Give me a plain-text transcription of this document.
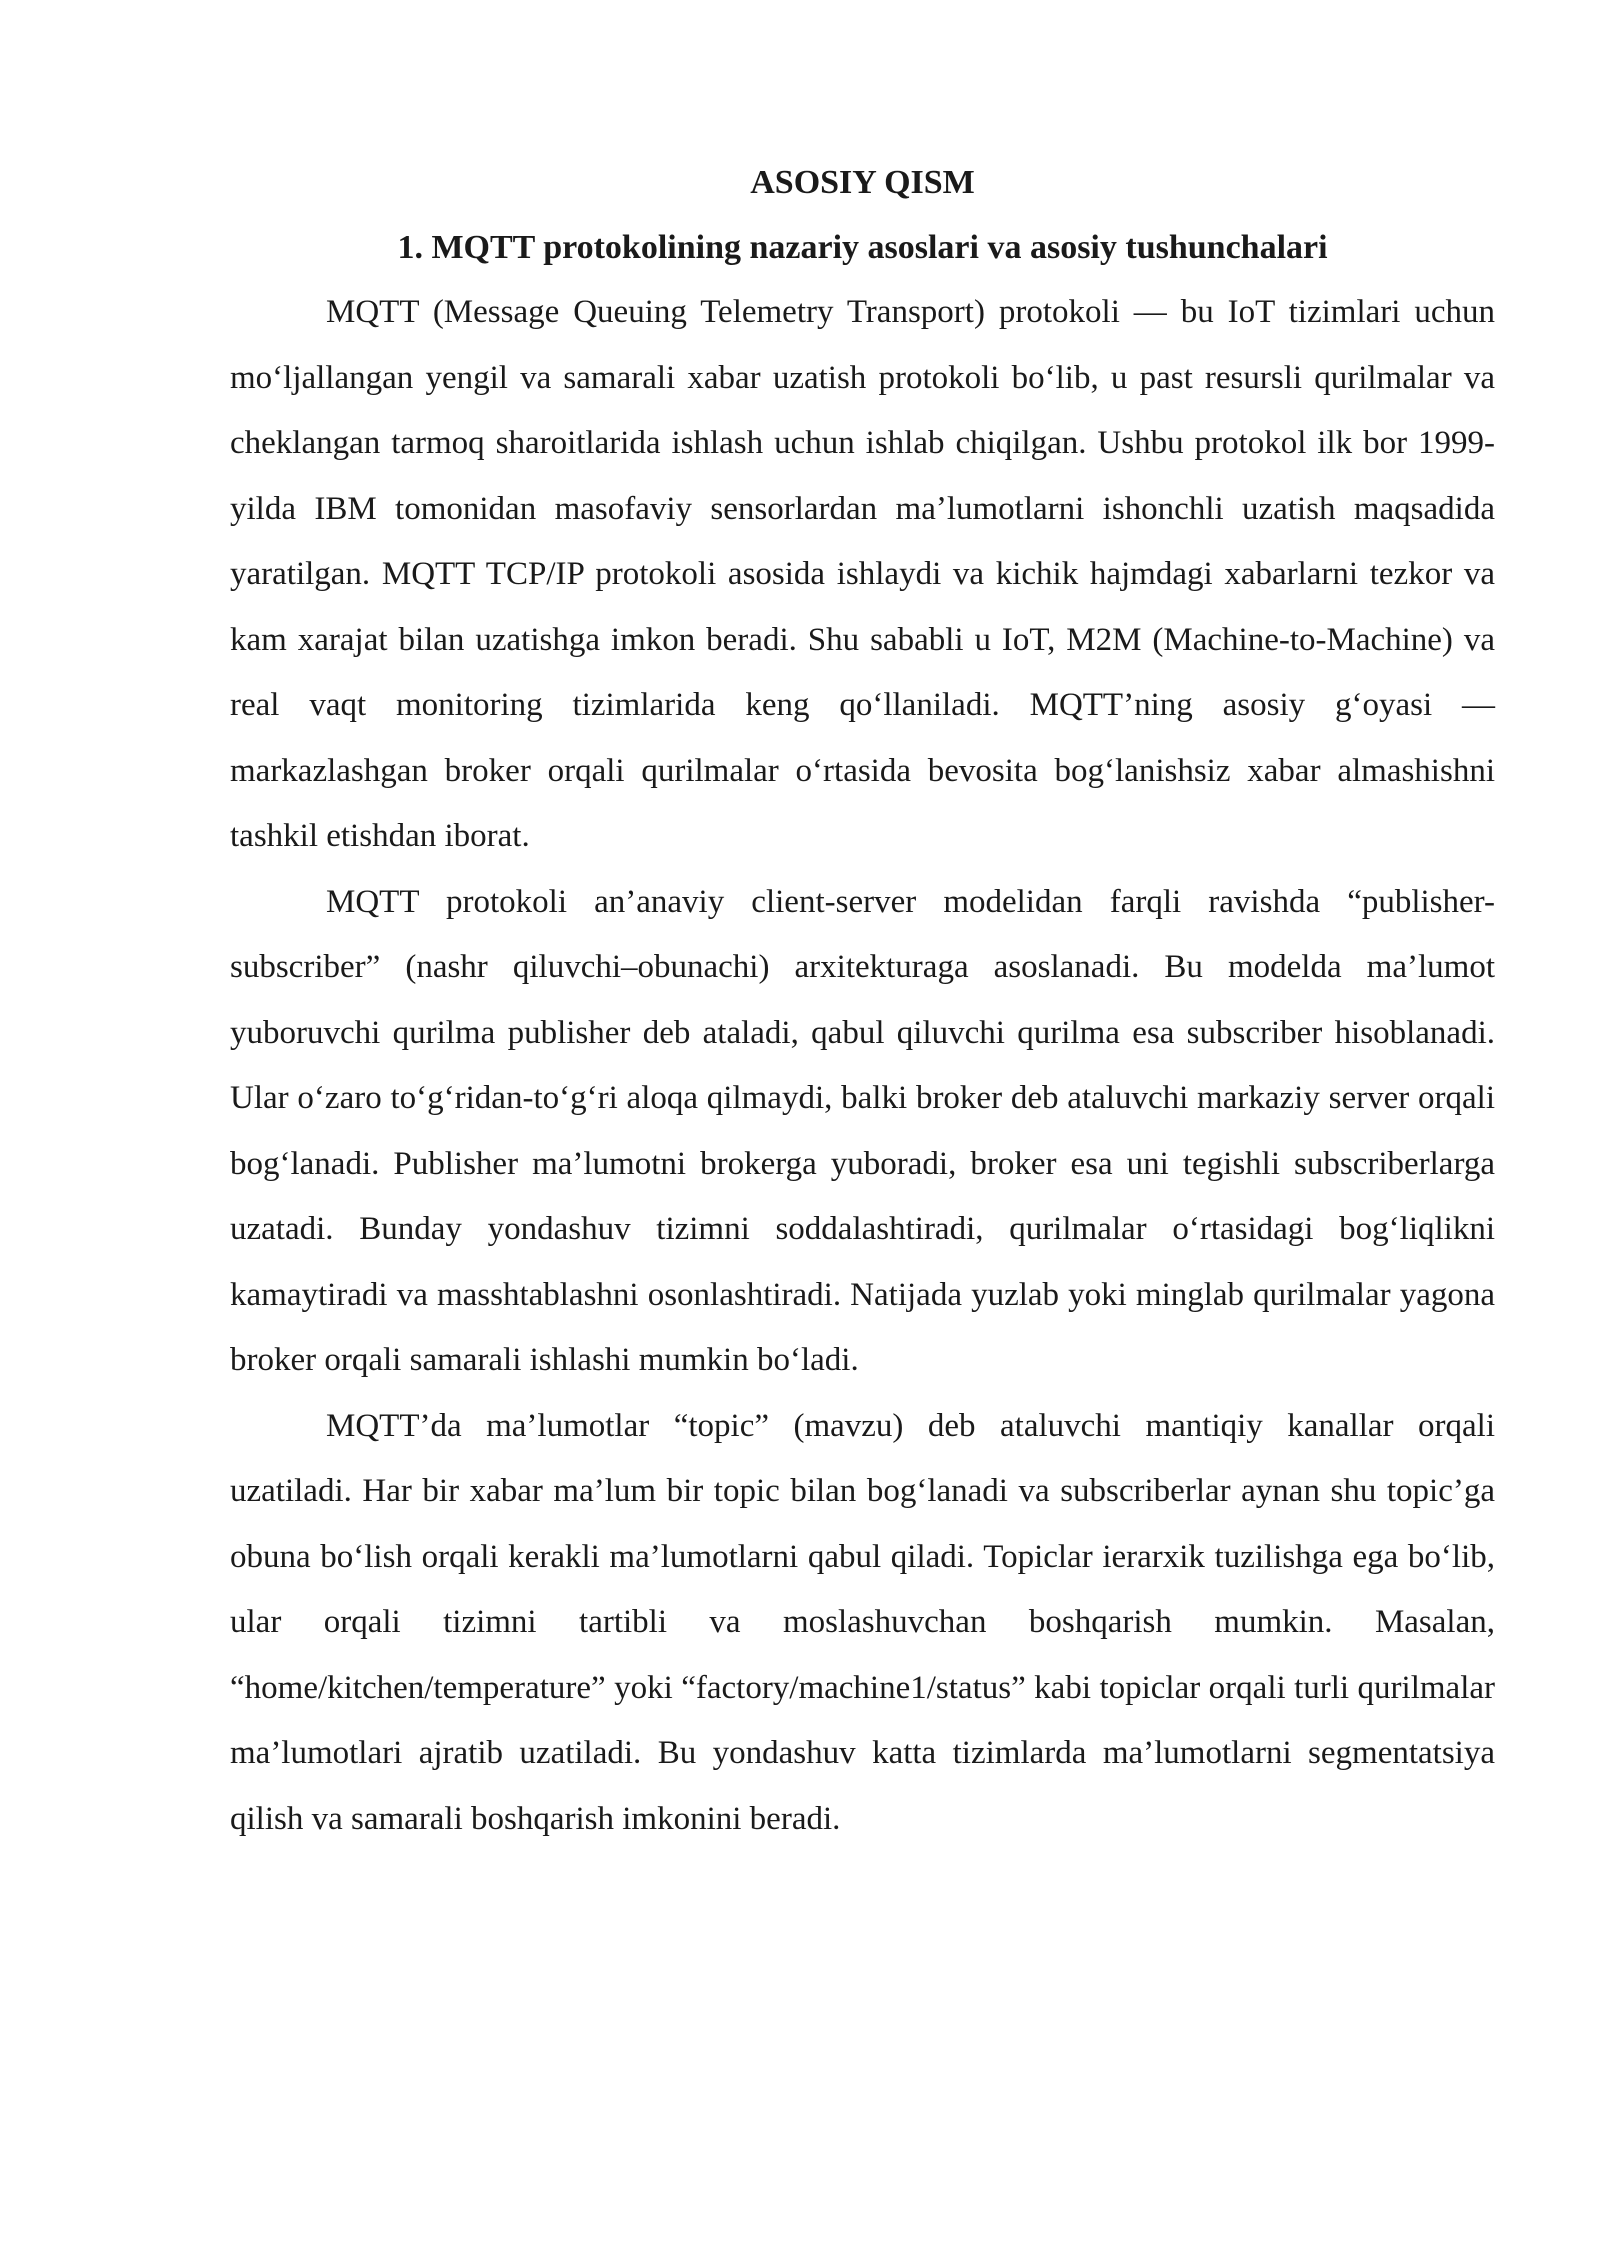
ASOSIY QISM
1. MQTT protokolining nazariy asoslari va asosiy tushunchalari

MQTT (Message Queuing Telemetry Transport) protokoli — bu IoT tizimlari uchun moʻljallangan yengil va samarali xabar uzatish protokoli boʻlib, u past resursli qurilmalar va cheklangan tarmoq sharoitlarida ishlash uchun ishlab chiqilgan. Ushbu protokol ilk bor 1999-yilda IBM tomonidan masofaviy sensorlardan maʼlumotlarni ishonchli uzatish maqsadida yaratilgan. MQTT TCP/IP protokoli asosida ishlaydi va kichik hajmdagi xabarlarni tezkor va kam xarajat bilan uzatishga imkon beradi. Shu sababli u IoT, M2M (Machine-to-Machine) va real vaqt monitoring tizimlarida keng qoʻllaniladi. MQTT’ning asosiy gʻoyasi — markazlashgan broker orqali qurilmalar oʻrtasida bevosita bogʻlanishsiz xabar almashishni tashkil etishdan iborat.

MQTT protokoli an’anaviy client-server modelidan farqli ravishda “publisher-subscriber” (nashr qiluvchi–obunachi) arxitekturaga asoslanadi. Bu modelda ma’lumot yuboruvchi qurilma publisher deb ataladi, qabul qiluvchi qurilma esa subscriber hisoblanadi. Ular oʻzaro toʻgʻridan-toʻgʻri aloqa qilmaydi, balki broker deb ataluvchi markaziy server orqali bogʻlanadi. Publisher ma’lumotni brokerga yuboradi, broker esa uni tegishli subscriberlarga uzatadi. Bunday yondashuv tizimni soddalashtiradi, qurilmalar oʻrtasidagi bogʻliqlikni kamaytiradi va masshtablashni osonlashtiradi. Natijada yuzlab yoki minglab qurilmalar yagona broker orqali samarali ishlashi mumkin boʻladi.

MQTT’da ma’lumotlar “topic” (mavzu) deb ataluvchi mantiqiy kanallar orqali uzatiladi. Har bir xabar ma’lum bir topic bilan bogʻlanadi va subscriberlar aynan shu topic’ga obuna boʻlish orqali kerakli ma’lumotlarni qabul qiladi. Topiclar ierarxik tuzilishga ega boʻlib, ular orqali tizimni tartibli va moslashuvchan boshqarish mumkin. Masalan, “home/kitchen/temperature” yoki “factory/machine1/status” kabi topiclar orqali turli qurilmalar ma’lumotlari ajratib uzatiladi. Bu yondashuv katta tizimlarda ma’lumotlarni segmentatsiya qilish va samarali boshqarish imkonini beradi.
